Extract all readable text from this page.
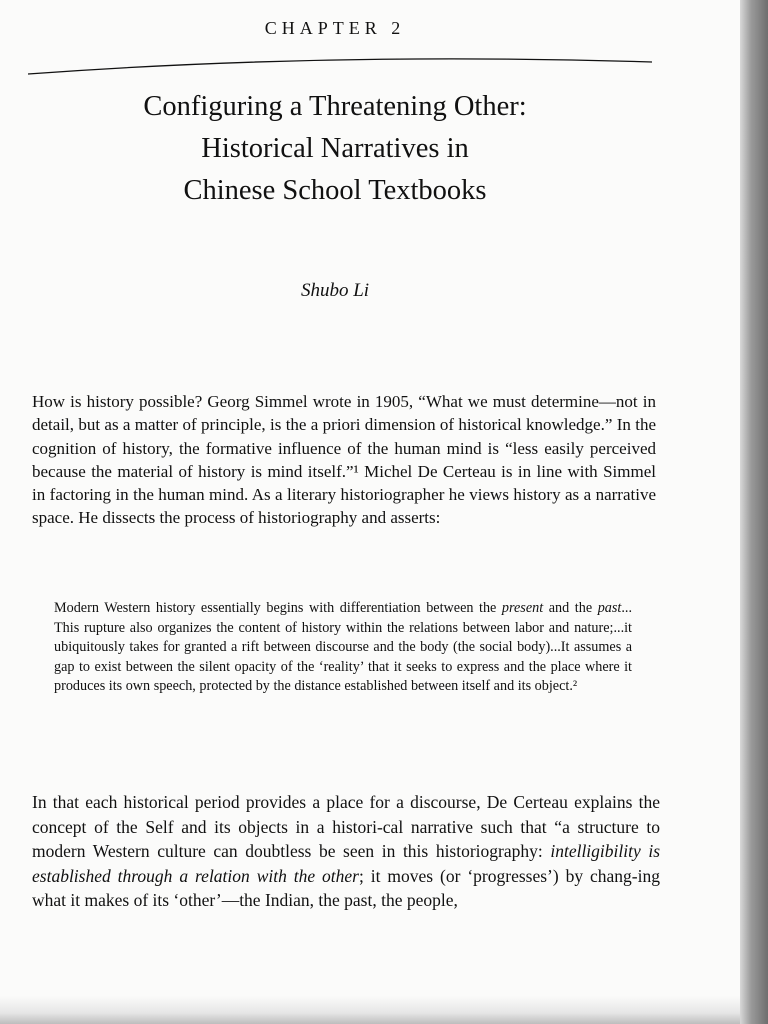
CHAPTER 2
Configuring a Threatening Other:
Historical Narratives in
Chinese School Textbooks
Shubo Li

How is history possible? Georg Simmel wrote in 1905, “What we must determine—not in detail, but as a matter of principle, is the a priori dimension of historical knowledge.” In the cognition of history, the formative influence of the human mind is “less easily perceived because the material of history is mind itself.”¹ Michel De Certeau is in line with Simmel in factoring in the human mind. As a literary historiographer he views history as a narrative space. He dissects the process of historiography and asserts:

Modern Western history essentially begins with differentiation between the present and the past... This rupture also organizes the content of history within the relations between labor and nature;...it ubiquitously takes for granted a rift between discourse and the body (the social body)...It assumes a gap to exist between the silent opacity of the ‘reality’ that it seeks to express and the place where it produces its own speech, protected by the distance established between itself and its object.²

In that each historical period provides a place for a discourse, De Certeau explains the concept of the Self and its objects in a histori-cal narrative such that “a structure to modern Western culture can doubtless be seen in this historiography: intelligibility is established through a relation with the other; it moves (or ‘progresses’) by chang-ing what it makes of its ‘other’—the Indian, the past, the people,
